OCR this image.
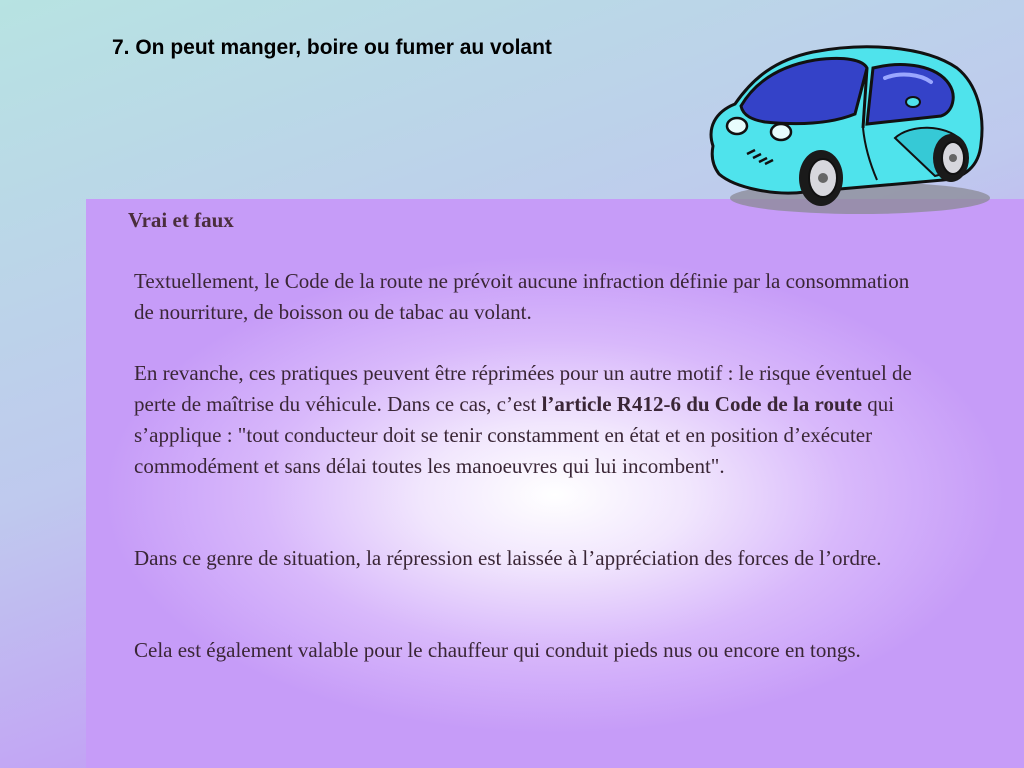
7. On peut manger, boire ou fumer au volant
Vrai et faux
Textuellement, le Code de la route ne prévoit aucune infraction définie par la consommation de nourriture, de boisson ou de tabac au volant.
En revanche, ces pratiques peuvent être réprimées pour un autre motif : le risque éventuel de perte de maîtrise du véhicule. Dans ce cas, c’est l’article R412-6 du Code de la route qui s’applique : "tout conducteur doit se tenir constamment en état et en position d’exécuter commodément et sans délai toutes les manoeuvres qui lui incombent".
Dans ce genre de situation, la répression est laissée à l’appréciation des forces de l’ordre.
Cela est également valable pour le chauffeur qui conduit pieds nus ou encore en tongs.
